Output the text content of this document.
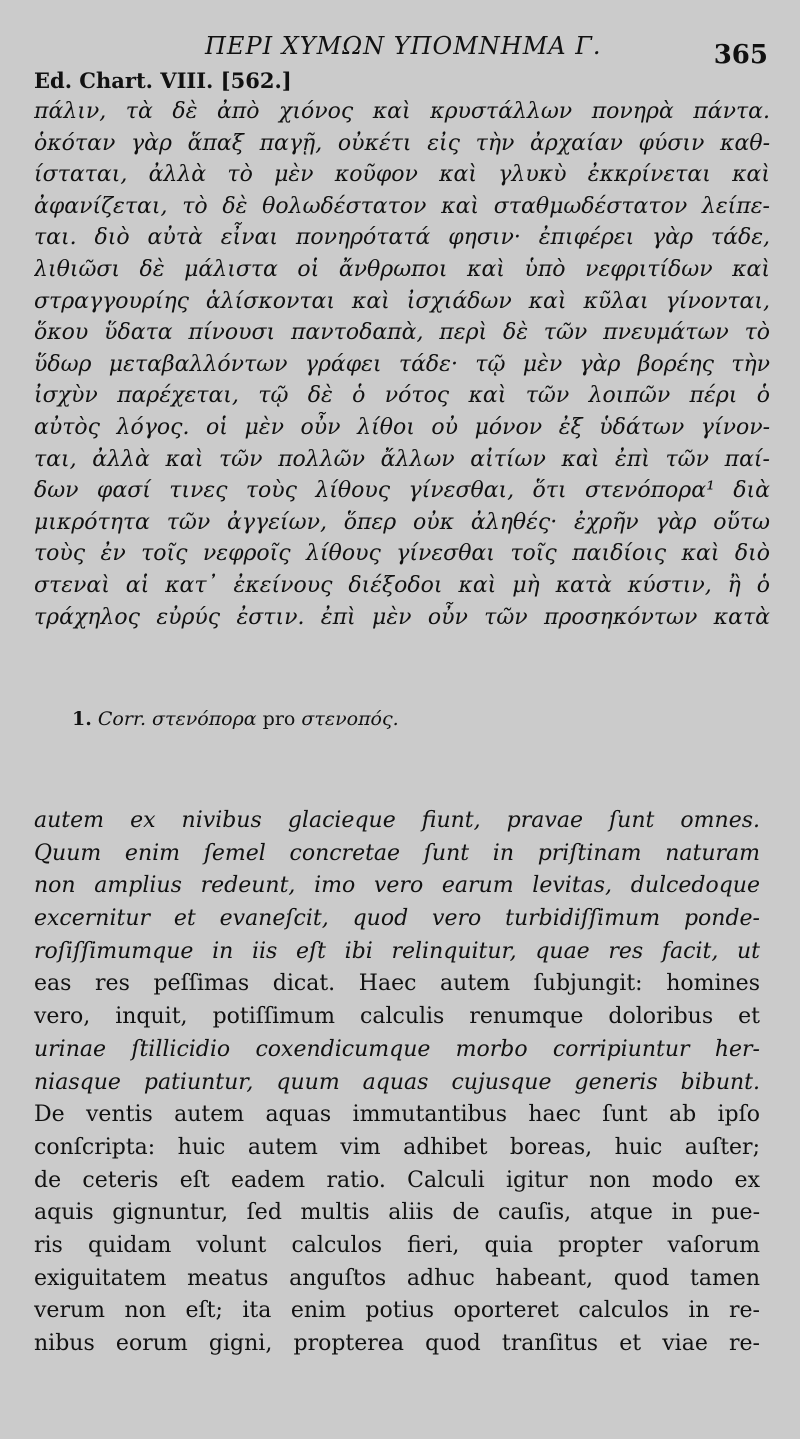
ΠΕΡΙ ΧΥΜΩΝ ΥΠΟΜΝΗΜΑ Γ.	365
Ed. Chart. VIII. [562.]
πάλιν, τὰ δὲ ἀπὸ χιόνος καὶ κρυστάλλων πονηρὰ πάντα.
ὁκόταν γὰρ ἅπαξ παγῇ, οὐκέτι εἰς τὴν ἀρχαίαν φύσιν καθ-
ίσταται, ἀλλὰ τὸ μὲν κοῦφον καὶ γλυκὺ ἐκκρίνεται καὶ
ἀφανίζεται, τὸ δὲ θολωδέστατον καὶ σταθμωδέστατον λείπε-
ται. διὸ αὐτὰ εἶναι πονηρότατά φησιν· ἐπιφέρει γὰρ τάδε,
λιθιῶσι δὲ μάλιστα οἱ ἄνθρωποι καὶ ὑπὸ νεφριτίδων καὶ
στραγγουρίης ἁλίσκονται καὶ ἰσχιάδων καὶ κῦλαι γίνονται,
ὅκου ὕδατα πίνουσι παντοδαπὰ, περὶ δὲ τῶν πνευμάτων τὸ
ὕδωρ μεταβαλλόντων γράφει τάδε· τῷ μὲν γὰρ βορέης τὴν
ἰσχὺν παρέχεται, τῷ δὲ ὁ νότος καὶ τῶν λοιπῶν πέρι ὁ
αὐτὸς λόγος. οἱ μὲν οὖν λίθοι οὐ μόνον ἐξ ὑδάτων γίνον-
ται, ἀλλὰ καὶ τῶν πολλῶν ἄλλων αἰτίων καὶ ἐπὶ τῶν παί-
δων φασί τινες τοὺς λίθους γίνεσθαι, ὅτι στενόπορα¹ διὰ
μικρότητα τῶν ἀγγείων, ὅπερ οὐκ ἀληθές· ἐχρῆν γὰρ οὕτω
τοὺς ἐν τοῖς νεφροῖς λίθους γίνεσθαι τοῖς παιδίοις καὶ διὸ
στεναὶ αἱ κατ᾽ ἐκείνους διέξοδοι καὶ μὴ κατὰ κύστιν, ἢ ὁ
τράχηλος εὐρύς ἐστιν. ἐπὶ μὲν οὖν τῶν προσηκόντων κατὰ
1. Corr. στενόπορα pro στενοπός.
autem ex nivibus glacieque fiunt, pravae ſunt omnes.
Quum enim ſemel concretae ſunt in priſtinam naturam
non amplius redeunt, imo vero earum levitas, dulcedoque
excernitur et evaneſcit, quod vero turbidiſſimum ponde-
roſiſſimumque in iis eſt ibi relinquitur, quae res facit, ut
eas res peſſimas dicat. Haec autem ſubjungit: homines
vero, inquit, potiſſimum calculis renumque doloribus et
urinae ſtillicidio coxendicumque morbo corripiuntur her-
niasque patiuntur, quum aquas cujusque generis bibunt.
De ventis autem aquas immutantibus haec ſunt ab ipſo
conſcripta: huic autem vim adhibet boreas, huic auſter;
de ceteris eſt eadem ratio. Calculi igitur non modo ex
aquis gignuntur, ſed multis aliis de cauſis, atque in pue-
ris quidam volunt calculos fieri, quia propter vaſorum
exiguitatem meatus anguſtos adhuc habeant, quod tamen
verum non eſt; ita enim potius oporteret calculos in re-
nibus eorum gigni, propterea quod tranſitus et viae re-
